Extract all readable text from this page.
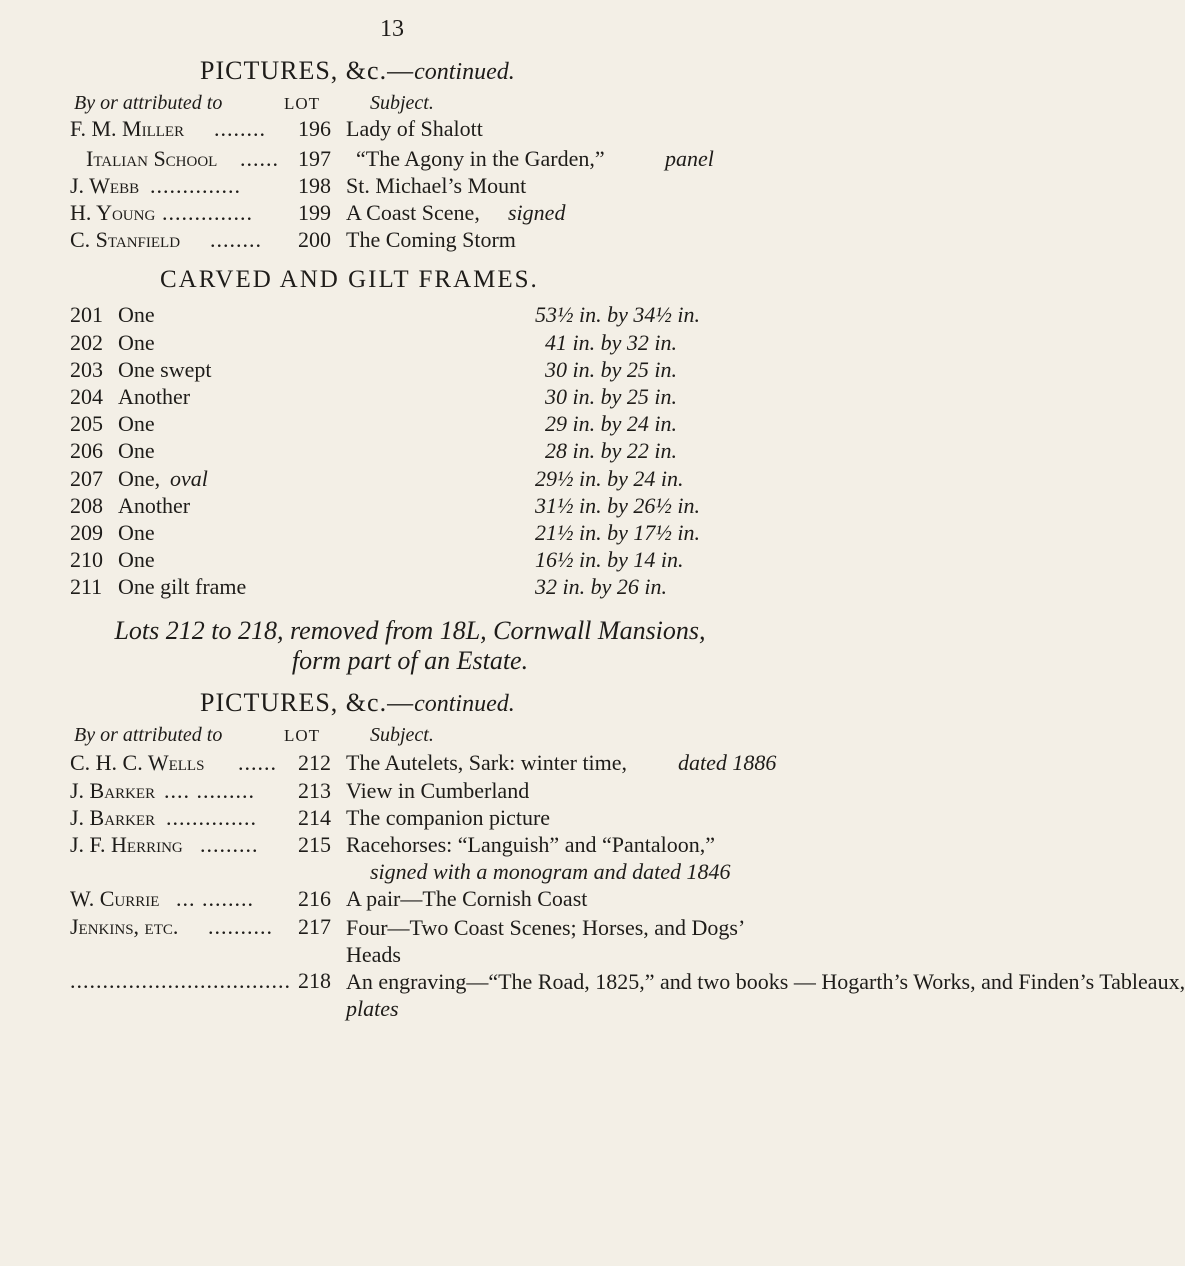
13
PICTURES, &c.—continued.
By or attributed to	LOT Subject.
F. M. Miller ........ 196 Lady of Shalott
Italian School ...... 197 “The Agony in the Garden,”	panel
J. Webb ..............	198 St. Michael’s Mount
H. Young .............. 199 A Coast Scene, signed
C. Stanfield ........ 200 The Coming Storm
CARVED AND GILT FRAMES.
201 One	53½ in. by 34½ in.
202 One	41 in. by 32 in.
203 One swept	30 in. by 25 in.
204 Another	30 in. by 25 in.
205 One	29 in. by 24 in.
206 One	28 in. by 22 in.
207 One, oval	29½ in. by 24 in.
208 Another	31½ in. by 26½ in.
209 One	21½ in. by 17½ in.
210 One	16½ in. by 14 in.
211 One gilt frame	32 in. by 26 in.
Lots 212 to 218, removed from 18L, Cornwall Mansions,
form part of an Estate.
PICTURES, &c.—continued.
By or attributed to	LOT Subject.
C. H. C. Wells ...... 212 The Autelets, Sark: winter time, dated 1886
J. Barker .... ......... 213 View in Cumberland
J. Barker .............. 214 The companion picture
J. F. Herring ......... 215 Racehorses: “Languish” and “Pantaloon,”
signed with a monogram and dated 1846
W. Currie ... ........ 216 A pair—The Cornish Coast
Jenkins, etc. .......... 217 Four—Two Coast Scenes; Horses, and Dogs’ Heads
.................................. 218 An engraving—“The Road, 1825,” and two books — Hogarth’s Works, and Finden’s Tableaux, plates
